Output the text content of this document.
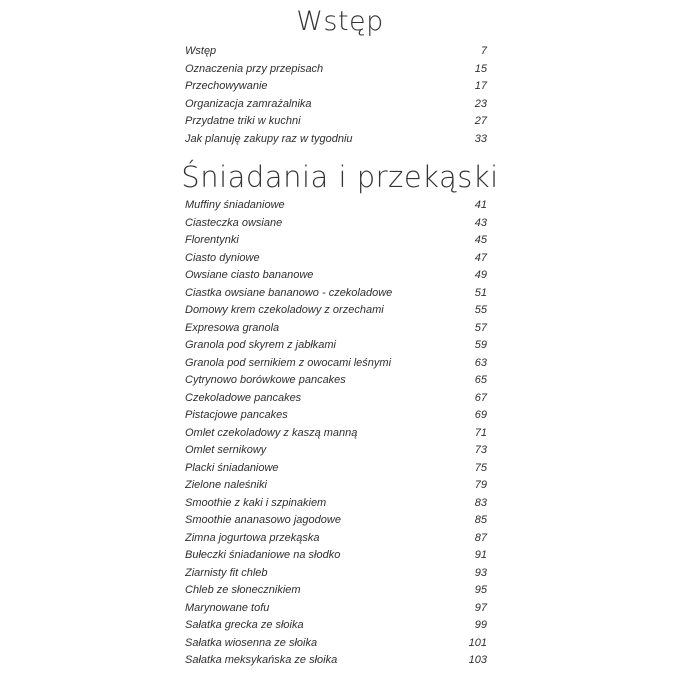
Wstęp
Wstęp	7
Oznaczenia przy przepisach	15
Przechowywanie	17
Organizacja zamrażalnika	23
Przydatne triki w kuchni	27
Jak planuję zakupy raz w tygodniu	33
Śniadania i przekąski
Muffiny śniadaniowe	41
Ciasteczka owsiane	43
Florentynki	45
Ciasto dyniowe	47
Owsiane ciasto bananowe	49
Ciastka owsiane bananowo - czekoladowe	51
Domowy krem czekoladowy z orzechami	55
Expresowa granola	57
Granola pod skyrem z jabłkami	59
Granola pod sernikiem z owocami leśnymi	63
Cytrynowo borówkowe pancakes	65
Czekoladowe pancakes	67
Pistacjowe pancakes	69
Omlet czekoladowy z kaszą manną	71
Omlet sernikowy	73
Placki śniadaniowe	75
Zielone naleśniki	79
Smoothie z kaki i szpinakiem	83
Smoothie ananasowo jagodowe	85
Zimna jogurtowa przekąska	87
Bułeczki śniadaniowe na słodko	91
Ziarnisty fit chleb	93
Chleb ze słonecznikiem	95
Marynowane tofu	97
Sałatka grecka ze słoika	99
Sałatka wiosenna ze słoika	101
Sałatka meksykańska ze słoika	103
